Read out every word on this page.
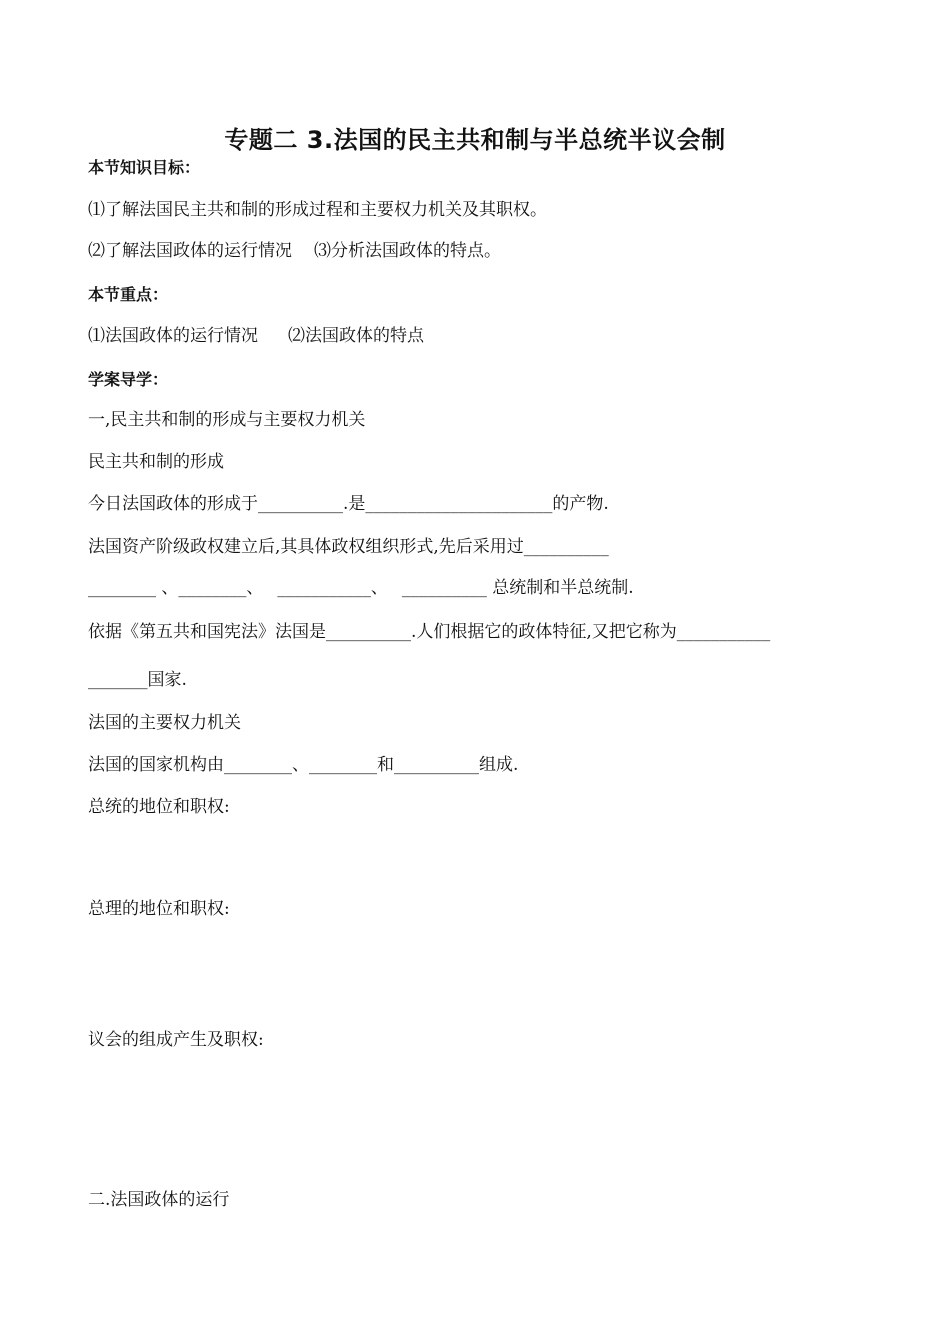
专题二 3.法国的民主共和制与半总统半议会制
本节知识目标：
⑴了解法国民主共和制的形成过程和主要权力机关及其职权。
⑵了解法国政体的运行情况 ⑶分析法国政体的特点。
本节重点：
⑴法国政体的运行情况 ⑵法国政体的特点
学案导学：
一,民主共和制的形成与主要权力机关
民主共和制的形成
今日法国政体的形成于__________.是______________________的产物.
法国资产阶级政权建立后,其具体政权组织形式,先后采用过__________
________ 、________、 ___________、 __________ 总统制和半总统制.
依据《第五共和国宪法》法国是__________.人们根据它的政体特征,又把它称为___________
_______国家.
法国的主要权力机关
法国的国家机构由________、________和__________组成.
总统的地位和职权:
总理的地位和职权:
议会的组成产生及职权:
二.法国政体的运行
